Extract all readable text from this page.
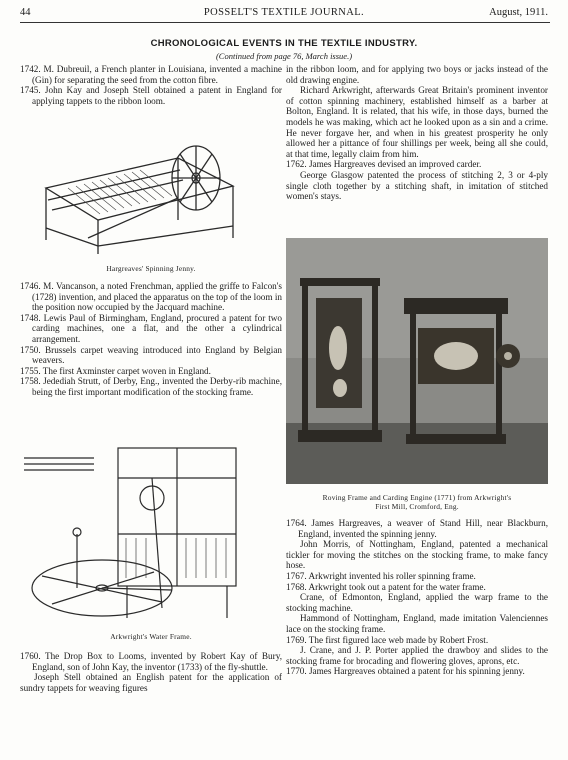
44	POSSELT'S TEXTILE JOURNAL.	August, 1911.
CHRONOLOGICAL EVENTS IN THE TEXTILE INDUSTRY.
(Continued from page 76, March issue.)

1742. M. Dubreuil, a French planter in Louisiana, invented a machine (Gin) for separating the seed from the cotton fibre.

1745. John Kay and Joseph Stell obtained a patent in England for applying tappets to the ribbon loom.

Hargreaves' Spinning Jenny.

1746. M. Vancanson, a noted Frenchman, applied the griffe to Falcon's (1728) invention, and placed the apparatus on the top of the loom in the position now occupied by the Jacquard machine.

1748. Lewis Paul of Birmingham, England, procured a patent for two carding machines, one a flat, and the other a cylindrical arrangement.

1750. Brussels carpet weaving introduced into England by Belgian weavers.

1755. The first Axminster carpet woven in England.

1758. Jedediah Strutt, of Derby, Eng., invented the Derby-rib machine, being the first important modification of the stocking frame.

Arkwright's Water Frame.

1760. The Drop Box to Looms, invented by Robert Kay of Bury, England, son of John Kay, the inventor (1733) of the fly-shuttle.

Joseph Stell obtained an English patent for the application of sundry tappets for weaving figures

in the ribbon loom, and for applying two boys or jacks instead of the old drawing engine.

Richard Arkwright, afterwards Great Britain's prominent inventor of cotton spinning machinery, established himself as a barber at Bolton, England. It is related, that his wife, in those days, burned the models he was making, which act he looked upon as a sin and a crime. He never forgave her, and when in his greatest prosperity he only allowed her a pittance of four shillings per week, being all she could, at that time, legally claim from him.

1762. James Hargreaves devised an improved carder.

George Glasgow patented the process of stitching 2, 3 or 4-ply single cloth together by a stitching shaft, in imitation of stitched women's stays.

Roving Frame and Carding Engine (1771) from Arkwright's
First Mill, Cromford, Eng.

1764. James Hargreaves, a weaver of Stand Hill, near Blackburn, England, invented the spinning jenny.

John Morris, of Nottingham, England, patented a mechanical tickler for moving the stitches on the stocking frame, to make fancy hose.

1767. Arkwright invented his roller spinning frame.

1768. Arkwright took out a patent for the water frame.

Crane, of Edmonton, England, applied the warp frame to the stocking machine.

Hammond of Nottingham, England, made imitation Valenciennes lace on the stocking frame.

1769. The first figured lace web made by Robert Frost.

J. Crane, and J. P. Porter applied the drawboy and slides to the stocking frame for brocading and flowering gloves, aprons, etc.

1770. James Hargreaves obtained a patent for his spinning jenny.
